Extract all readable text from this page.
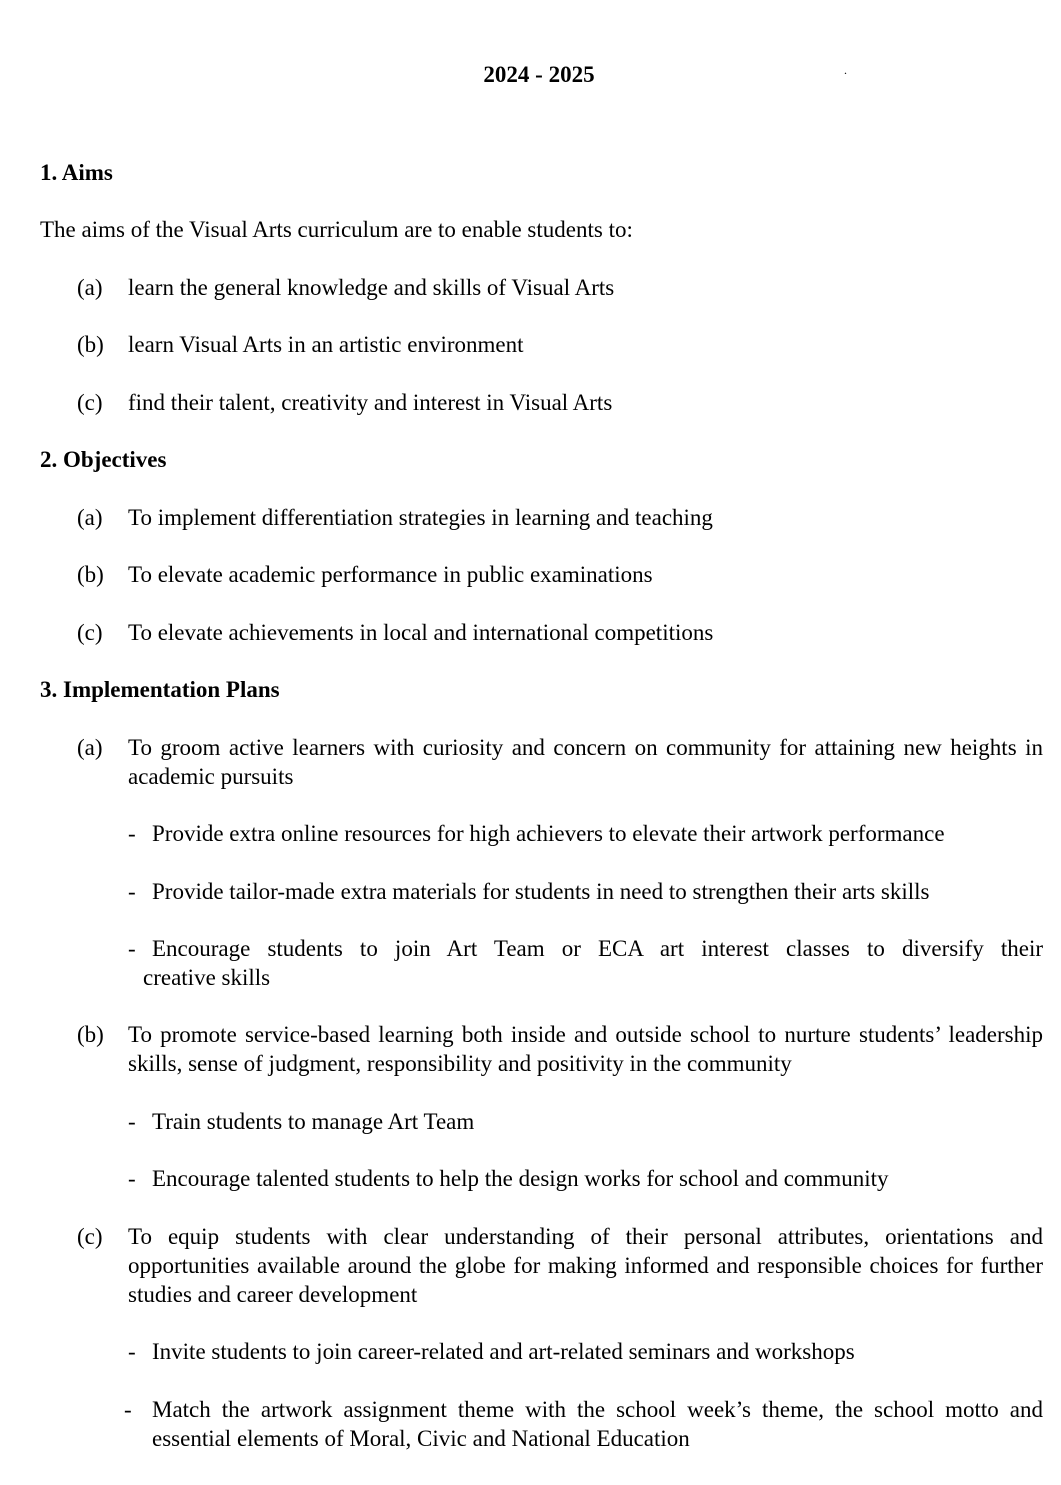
2024 - 2025	.
1. Aims
The aims of the Visual Arts curriculum are to enable students to:
(a) learn the general knowledge and skills of Visual Arts
(b) learn Visual Arts in an artistic environment
(c) find their talent, creativity and interest in Visual Arts
2. Objectives
(a) To implement differentiation strategies in learning and teaching
(b) To elevate academic performance in public examinations
(c) To elevate achievements in local and international competitions
3. Implementation Plans
(a) To groom active learners with curiosity and concern on community for attaining new heights in academic pursuits
- Provide extra online resources for high achievers to elevate their artwork performance
- Provide tailor-made extra materials for students in need to strengthen their arts skills
- Encourage students to join Art Team or ECA art interest classes to diversify their
creative skills
(b) To promote service-based learning both inside and outside school to nurture students’ leadership skills, sense of judgment, responsibility and positivity in the community
- Train students to manage Art Team
- Encourage talented students to help the design works for school and community
(c) To equip students with clear understanding of their personal attributes, orientations and opportunities available around the globe for making informed and responsible choices for further studies and career development
- Invite students to join career-related and art-related seminars and workshops
- Match the artwork assignment theme with the school week’s theme, the school motto and essential elements of Moral, Civic and National Education
